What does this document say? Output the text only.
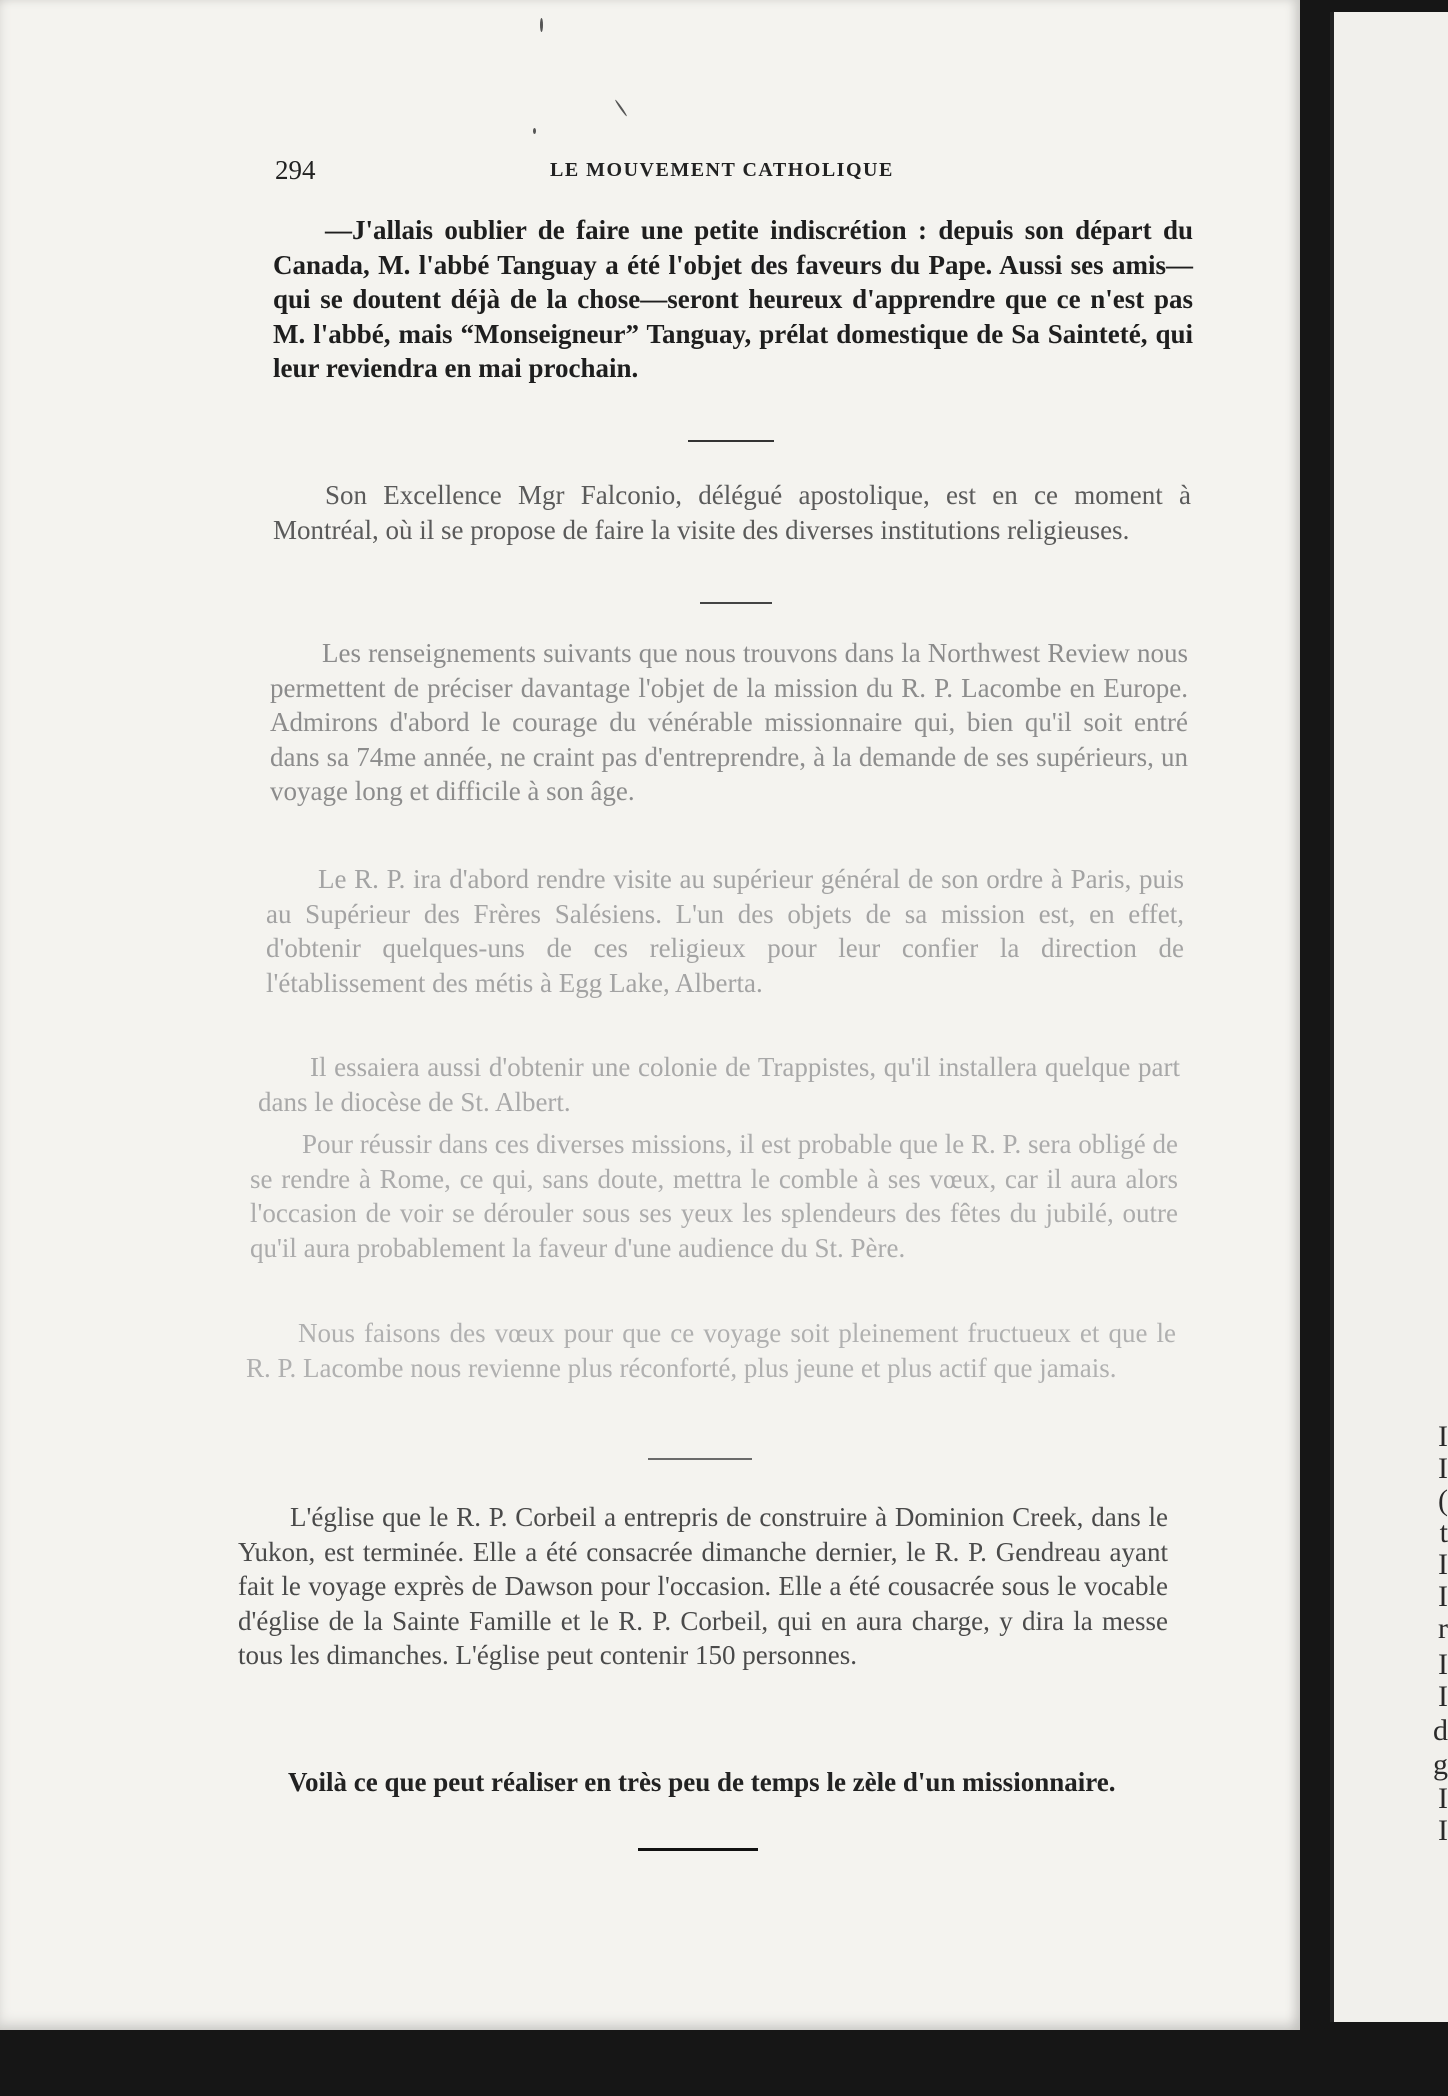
294	LE MOUVEMENT CATHOLIQUE

—J'allais oublier de faire une petite indiscrétion : depuis son départ du Canada, M. l'abbé Tanguay a été l'objet des faveurs du Pape. Aussi ses amis—qui se doutent déjà de la chose—seront heureux d'apprendre que ce n'est pas M. l'abbé, mais “Monseigneur” Tanguay, prélat domestique de Sa Sainteté, qui leur reviendra en mai prochain.

Son Excellence Mgr Falconio, délégué apostolique, est en ce moment à Montréal, où il se propose de faire la visite des diverses institutions religieuses.

Les renseignements suivants que nous trouvons dans la Northwest Review nous permettent de préciser davantage l'objet de la mission du R. P. Lacombe en Europe. Admirons d'abord le courage du vénérable missionnaire qui, bien qu'il soit entré dans sa 74me année, ne craint pas d'entreprendre, à la demande de ses supérieurs, un voyage long et difficile à son âge.

Le R. P. ira d'abord rendre visite au supérieur général de son ordre à Paris, puis au Supérieur des Frères Salésiens. L'un des objets de sa mission est, en effet, d'obtenir quelques-uns de ces religieux pour leur confier la direction de l'établissement des métis à Egg Lake, Alberta.

Il essaiera aussi d'obtenir une colonie de Trappistes, qu'il installera quelque part dans le diocèse de St. Albert.

Pour réussir dans ces diverses missions, il est probable que le R. P. sera obligé de se rendre à Rome, ce qui, sans doute, mettra le comble à ses vœux, car il aura alors l'occasion de voir se dérouler sous ses yeux les splendeurs des fêtes du jubilé, outre qu'il aura probablement la faveur d'une audience du St. Père.

Nous faisons des vœux pour que ce voyage soit pleinement fructueux et que le R. P. Lacombe nous revienne plus réconforté, plus jeune et plus actif que jamais.

L'église que le R. P. Corbeil a entrepris de construire à Dominion Creek, dans le Yukon, est terminée. Elle a été consacrée dimanche dernier, le R. P. Gendreau ayant fait le voyage exprès de Dawson pour l'occasion. Elle a été cousacrée sous le vocable d'église de la Sainte Famille et le R. P. Corbeil, qui en aura charge, y dira la messe tous les dimanches. L'église peut contenir 150 personnes.

Voilà ce que peut réaliser en très peu de temps le zèle d'un missionnaire.

I
I
(
t
I
I
r
I
I
d
g
I
I
